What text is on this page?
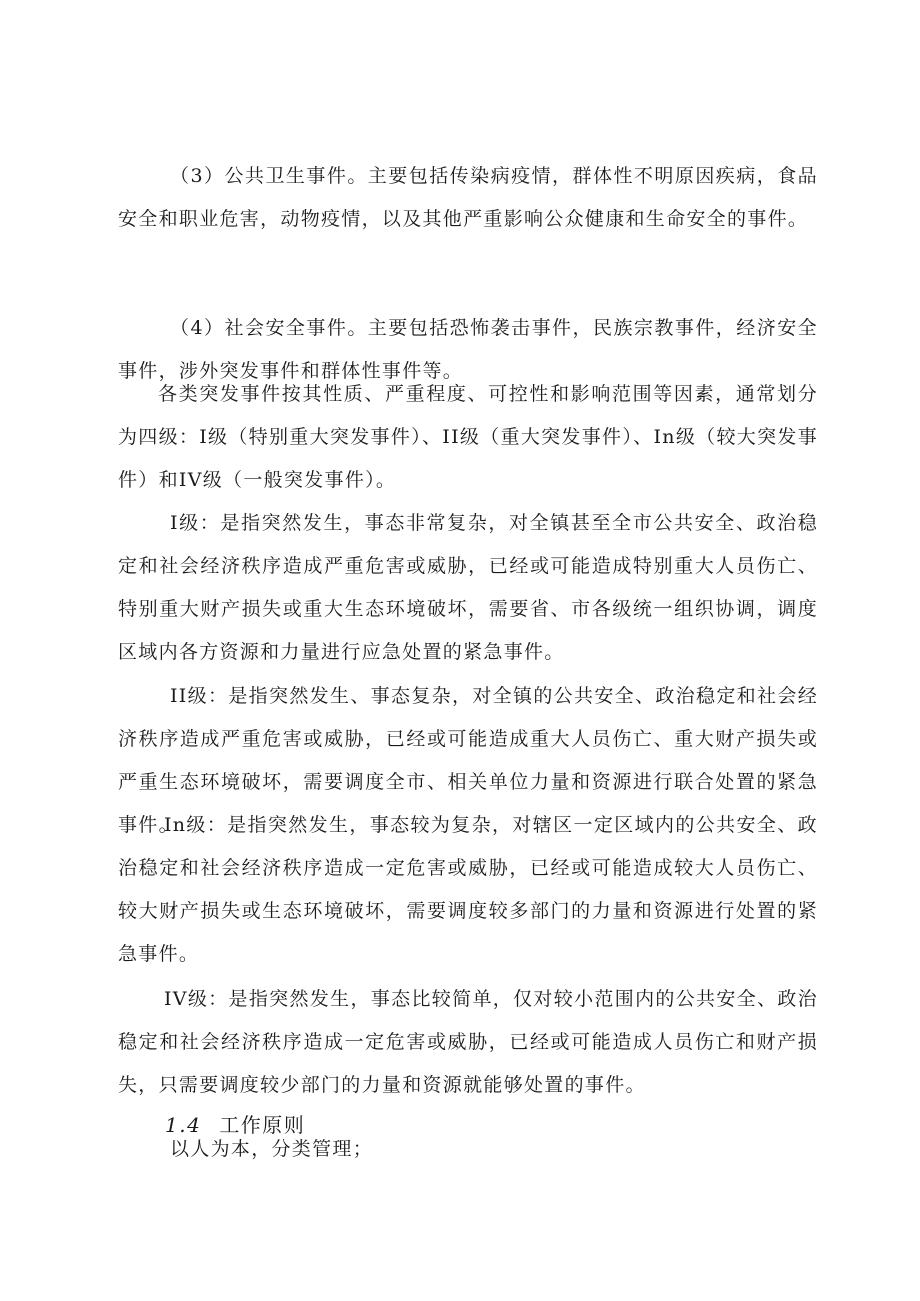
（3）公共卫生事件。主要包括传染病疫情，群体性不明原因疾病，食品安全和职业危害，动物疫情，以及其他严重影响公众健康和生命安全的事件。

（4）社会安全事件。主要包括恐怖袭击事件，民族宗教事件，经济安全事件，涉外突发事件和群体性事件等。

各类突发事件按其性质、严重程度、可控性和影响范围等因素，通常划分为四级：I级（特别重大突发事件）、II级（重大突发事件）、In级（较大突发事件）和IV级（一般突发事件）。

I级：是指突然发生，事态非常复杂，对全镇甚至全市公共安全、政治稳定和社会经济秩序造成严重危害或威胁，已经或可能造成特别重大人员伤亡、特别重大财产损失或重大生态环境破坏，需要省、市各级统一组织协调，调度区域内各方资源和力量进行应急处置的紧急事件。

II级：是指突然发生、事态复杂，对全镇的公共安全、政治稳定和社会经济秩序造成严重危害或威胁，已经或可能造成重大人员伤亡、重大财产损失或严重生态环境破坏，需要调度全市、相关单位力量和资源进行联合处置的紧急事件。

In级：是指突然发生，事态较为复杂，对辖区一定区域内的公共安全、政治稳定和社会经济秩序造成一定危害或威胁，已经或可能造成较大人员伤亡、较大财产损失或生态环境破坏，需要调度较多部门的力量和资源进行处置的紧急事件。

IV级：是指突然发生，事态比较简单，仅对较小范围内的公共安全、政治稳定和社会经济秩序造成一定危害或威胁，已经或可能造成人员伤亡和财产损失，只需要调度较少部门的力量和资源就能够处置的事件。

1.4 工作原则

以人为本，分类管理；
